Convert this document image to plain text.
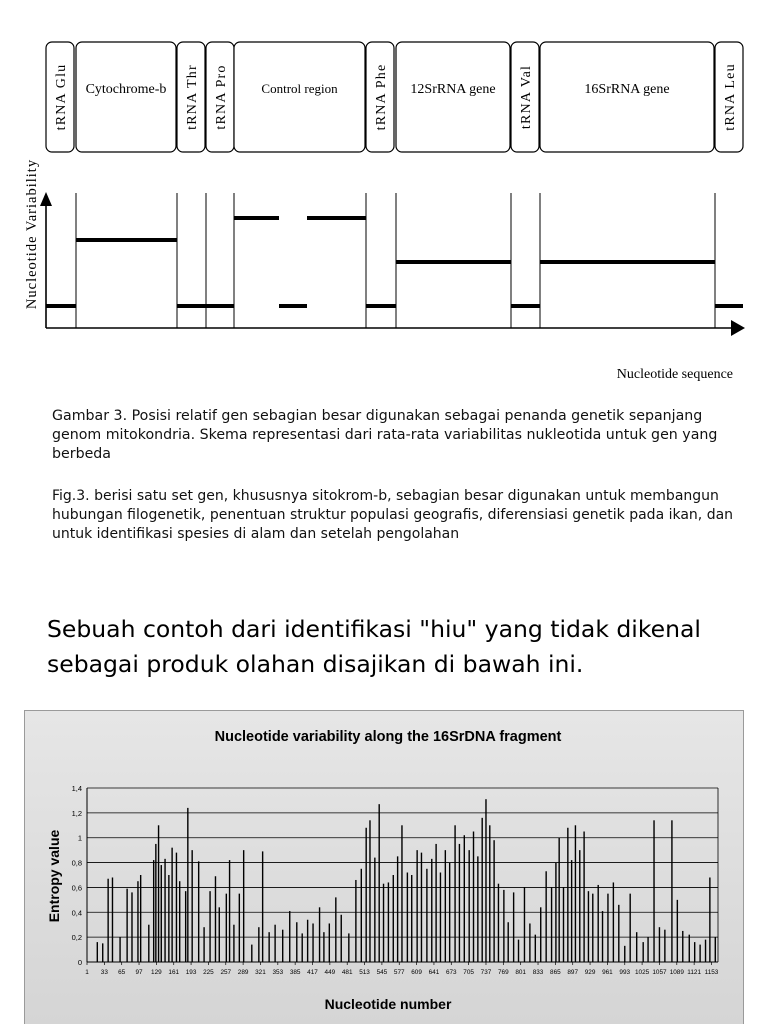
tRNA Glu Cytochrome-b tRNA Thr tRNA Pro Control region	tRNA Phe 12SrRNA gene tRNA Val	16SrRNA gene	tRNA Leu
Nucleotide Variability
Nucleotide sequence

Gambar 3. Posisi relatif gen sebagian besar digunakan sebagai penanda genetik sepanjang genom mitokondria. Skema representasi dari rata-rata variabilitas nukleotida untuk gen yang berbeda

Fig.3. berisi satu set gen, khususnya sitokrom-b, sebagian besar digunakan untuk membangun hubungan filogenetik, penentuan struktur populasi geografis, diferensiasi genetik pada ikan, dan untuk identifikasi spesies di alam dan setelah pengolahan

Sebuah contoh dari identifikasi "hiu" yang tidak dikenal sebagai produk olahan disajikan di bawah ini.

Nucleotide variability along the 16SrDNA fragment
0
0,2
0,4
0,6
0,8
1
1,2
1,4
1 33 65 97 129 161 193 225 257 289 321 353 385 417 449 481 513 545 577 609 641 673 705 737 769 801 833 865 897 929 961 993 1025 1057 1089 1121 1153
Entropy value
Nucleotide number
